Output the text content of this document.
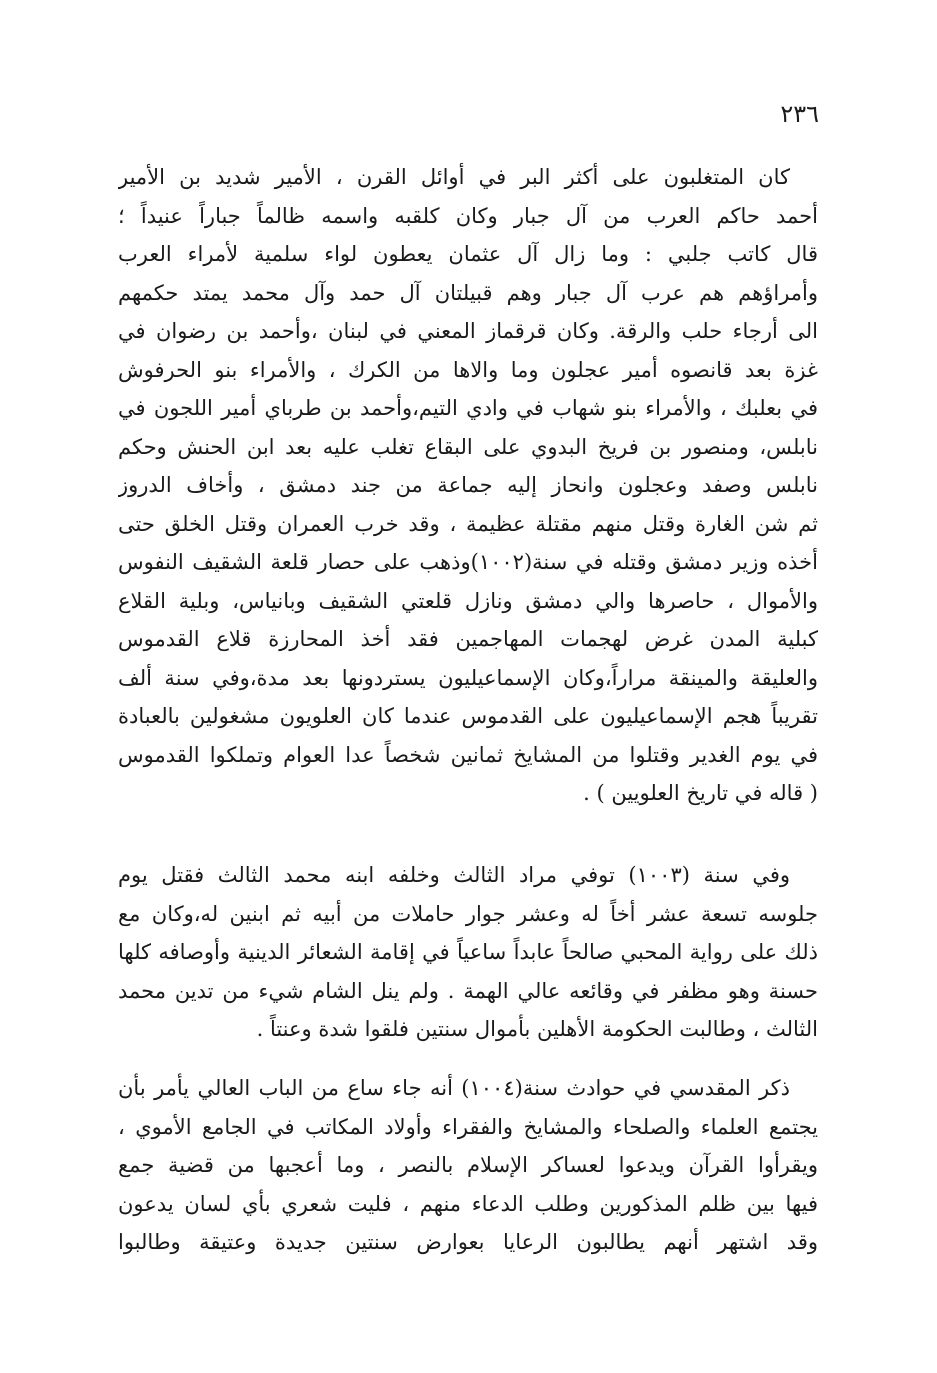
٢٣٦
كان المتغلبون على أكثر البر في أوائل القرن ، الأمير شديد بن الأمير
أحمد حاكم العرب من آل جبار وكان كلقبه واسمه ظالماً جباراً عنيداً ؛
قال كاتب جلبي : وما زال آل عثمان يعطون لواء سلمية لأمراء العرب
وأمراؤهم هم عرب آل جبار وهم قبيلتان آل حمد وآل محمد يمتد حكمهم
الى أرجاء حلب والرقة. وكان قرقماز المعني في لبنان ،وأحمد بن رضوان في
غزة بعد قانصوه أمير عجلون وما والاها من الكرك ، والأمراء بنو الحرفوش
في بعلبك ، والأمراء بنو شهاب في وادي التيم،وأحمد بن طرباي أمير اللجون في
نابلس، ومنصور بن فريخ البدوي على البقاع تغلب عليه بعد ابن الحنش وحكم
نابلس وصفد وعجلون وانحاز إليه جماعة من جند دمشق ، وأخاف الدروز
ثم شن الغارة وقتل منهم مقتلة عظيمة ، وقد خرب العمران وقتل الخلق حتى
أخذه وزير دمشق وقتله في سنة(١٠٠٢)وذهب على حصار قلعة الشقيف النفوس
والأموال ، حاصرها والي دمشق ونازل قلعتي الشقيف وبانياس، وبلية القلاع
كبلية المدن غرض لهجمات المهاجمين فقد أخذ المحارزة قلاع القدموس
والعليقة والمينقة مراراً،وكان الإسماعيليون يستردونها بعد مدة،وفي سنة ألف
تقريباً هجم الإسماعيليون على القدموس عندما كان العلويون مشغولين بالعبادة
في يوم الغدير وقتلوا من المشايخ ثمانين شخصاً عدا العوام وتملكوا القدموس
( قاله في تاريخ العلويين ) .
وفي سنة (١٠٠٣) توفي مراد الثالث وخلفه ابنه محمد الثالث فقتل يوم
جلوسه تسعة عشر أخاً له وعشر جوار حاملات من أبيه ثم ابنين له،وكان مع
ذلك على رواية المحبي صالحاً عابداً ساعياً في إقامة الشعائر الدينية وأوصافه كلها
حسنة وهو مظفر في وقائعه عالي الهمة . ولم ينل الشام شيء من تدين محمد
الثالث ، وطالبت الحكومة الأهلين بأموال سنتين فلقوا شدة وعنتاً .
ذكر المقدسي في حوادث سنة(١٠٠٤) أنه جاء ساع من الباب العالي يأمر بأن
يجتمع العلماء والصلحاء والمشايخ والفقراء وأولاد المكاتب في الجامع الأموي ،
ويقرأوا القرآن ويدعوا لعساكر الإسلام بالنصر ، وما أعجبها من قضية جمع
فيها بين ظلم المذكورين وطلب الدعاء منهم ، فليت شعري بأي لسان يدعون
وقد اشتهر أنهم يطالبون الرعايا بعوارض سنتين جديدة وعتيقة وطالبوا
